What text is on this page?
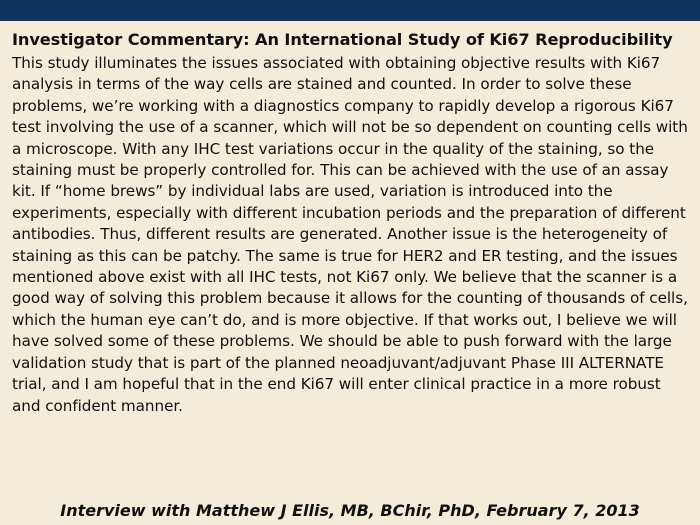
Investigator Commentary: An International Study of Ki67 Reproducibility

This study illuminates the issues associated with obtaining objective results with Ki67 analysis in terms of the way cells are stained and counted. In order to solve these problems, we’re working with a diagnostics company to rapidly develop a rigorous Ki67 test involving the use of a scanner, which will not be so dependent on counting cells with a microscope. With any IHC test variations occur in the quality of the staining, so the staining must be properly controlled for. This can be achieved with the use of an assay kit. If “home brews” by individual labs are used, variation is introduced into the experiments, especially with different incubation periods and the preparation of different antibodies. Thus, different results are generated. Another issue is the heterogeneity of staining as this can be patchy. The same is true for HER2 and ER testing, and the issues mentioned above exist with all IHC tests, not Ki67 only. We believe that the scanner is a good way of solving this problem because it allows for the counting of thousands of cells, which the human eye can’t do, and is more objective. If that works out, I believe we will have solved some of these problems. We should be able to push forward with the large validation study that is part of the planned neoadjuvant/adjuvant Phase III ALTERNATE trial, and I am hopeful that in the end Ki67 will enter clinical practice in a more robust and confident manner.

Interview with Matthew J Ellis, MB, BChir, PhD, February 7, 2013
